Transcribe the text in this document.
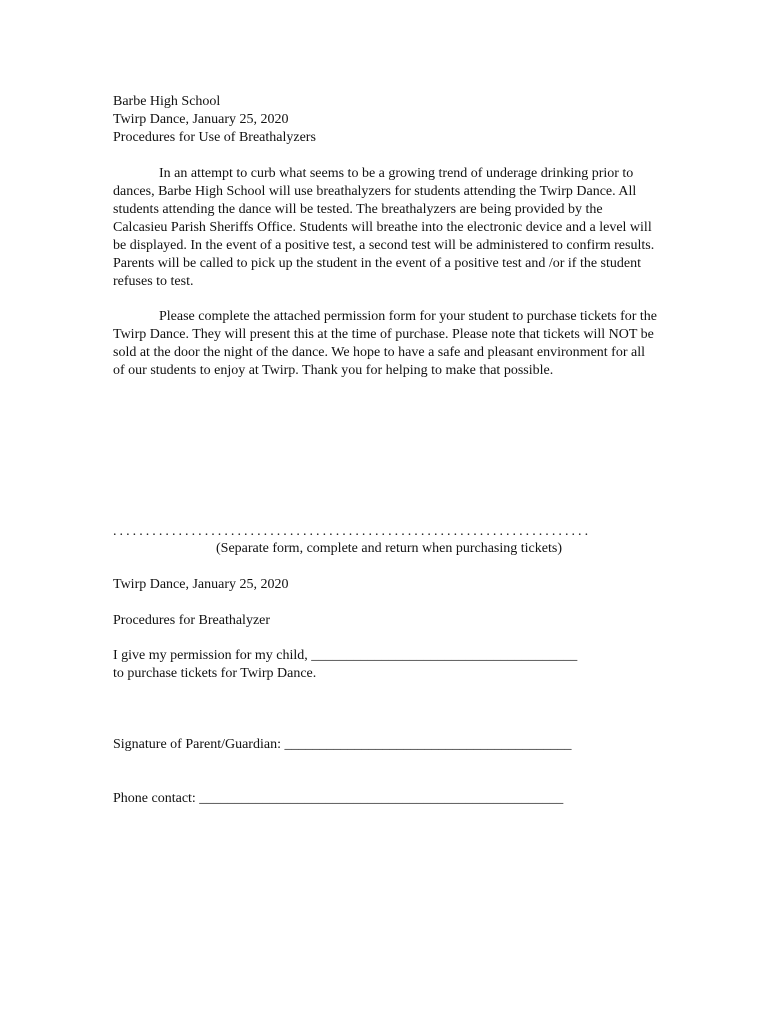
Barbe High School
Twirp Dance, January 25, 2020
Procedures for Use of Breathalyzers

In an attempt to curb what seems to be a growing trend of underage drinking prior to dances, Barbe High School will use breathalyzers for students attending the Twirp Dance. All students attending the dance will be tested. The breathalyzers are being provided by the Calcasieu Parish Sheriffs Office. Students will breathe into the electronic device and a level will be displayed. In the event of a positive test, a second test will be administered to confirm results. Parents will be called to pick up the student in the event of a positive test and /or if the student refuses to test.

Please complete the attached permission form for your student to purchase tickets for the Twirp Dance. They will present this at the time of purchase. Please note that tickets will NOT be sold at the door the night of the dance. We hope to have a safe and pleasant environment for all of our students to enjoy at Twirp. Thank you for helping to make that possible.

.........................................................................
(Separate form, complete and return when purchasing tickets)
Twirp Dance, January 25, 2020
Procedures for Breathalyzer
I give my permission for my child, ______________________________________
to purchase tickets for Twirp Dance.
Signature of Parent/Guardian: _________________________________________
Phone contact: ____________________________________________________
